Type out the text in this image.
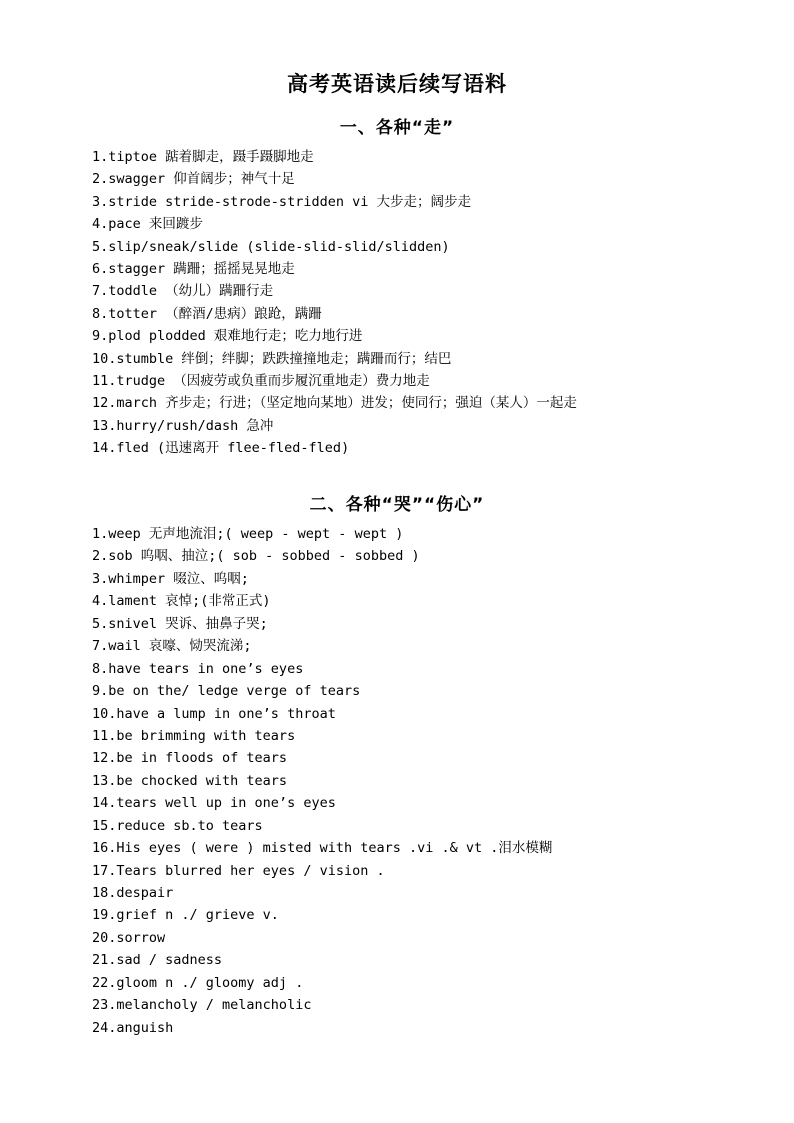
高考英语读后续写语料
一、各种“走”
1.tiptoe 踮着脚走，蹑手蹑脚地走
2.swagger 仰首阔步；神气十足
3.stride stride-strode-stridden vi 大步走；阔步走
4.pace 来回踱步
5.slip/sneak/slide (slide-slid-slid/slidden)
6.stagger 蹒跚；摇摇晃晃地走
7.toddle （幼儿）蹒跚行走
8.totter （醉酒/患病）踉跄，蹒跚
9.plod plodded 艰难地行走；吃力地行进
10.stumble 绊倒；绊脚；跌跌撞撞地走；蹒跚而行；结巴
11.trudge （因疲劳或负重而步履沉重地走）费力地走
12.march 齐步走；行进；（坚定地向某地）进发；使同行；强迫（某人）一起走
13.hurry/rush/dash 急冲
14.fled (迅速离开 flee-fled-fled)
二、各种“哭”“伤心”
1.weep 无声地流泪;( weep - wept - wept )
2.sob 呜咽、抽泣;( sob - sobbed - sobbed )
3.whimper 啜泣、呜咽;
4.lament 哀悼;(非常正式)
5.snivel 哭诉、抽鼻子哭;
7.wail 哀嚎、恸哭流涕;
8.have tears in one’s eyes
9.be on the/ ledge verge of tears
10.have a lump in one’s throat
11.be brimming with tears
12.be in floods of tears
13.be chocked with tears
14.tears well up in one’s eyes
15.reduce sb.to tears
16.His eyes ( were ) misted with tears .vi .& vt .泪水模糊
17.Tears blurred her eyes / vision .
18.despair
19.grief n ./ grieve v.
20.sorrow
21.sad / sadness
22.gloom n ./ gloomy adj .
23.melancholy / melancholic
24.anguish
